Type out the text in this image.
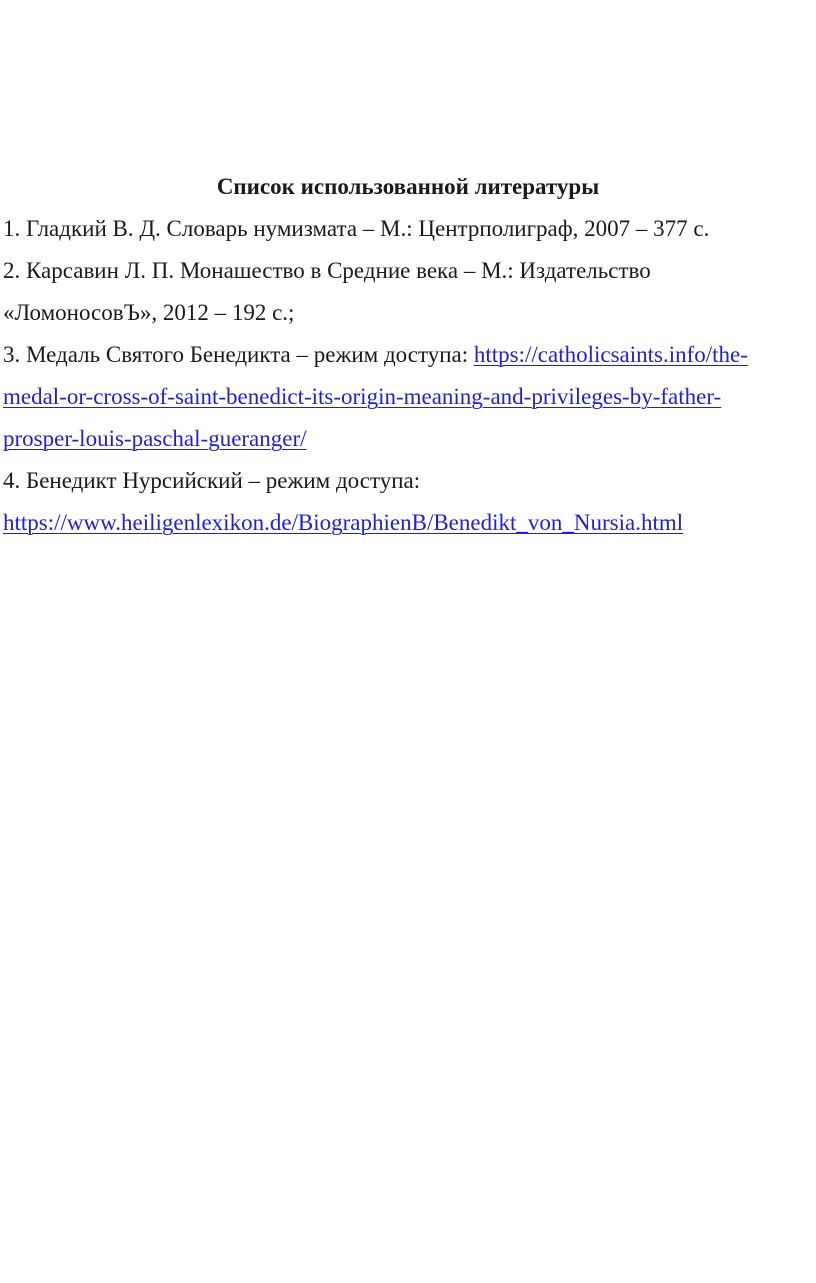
Список использованной литературы
1. Гладкий В. Д. Словарь нумизмата – М.: Центрполиграф, 2007 – 377 с.
2. Карсавин Л. П. Монашество в Средние века – М.: Издательство
«ЛомоносовЪ», 2012 – 192 с.;
3. Медаль Святого Бенедикта – режим доступа: https://catholicsaints.info/the-
medal-or-cross-of-saint-benedict-its-origin-meaning-and-privileges-by-father-
prosper-louis-paschal-gueranger/
4. Бенедикт Нурсийский – режим доступа:
https://www.heiligenlexikon.de/BiographienB/Benedikt_von_Nursia.html
